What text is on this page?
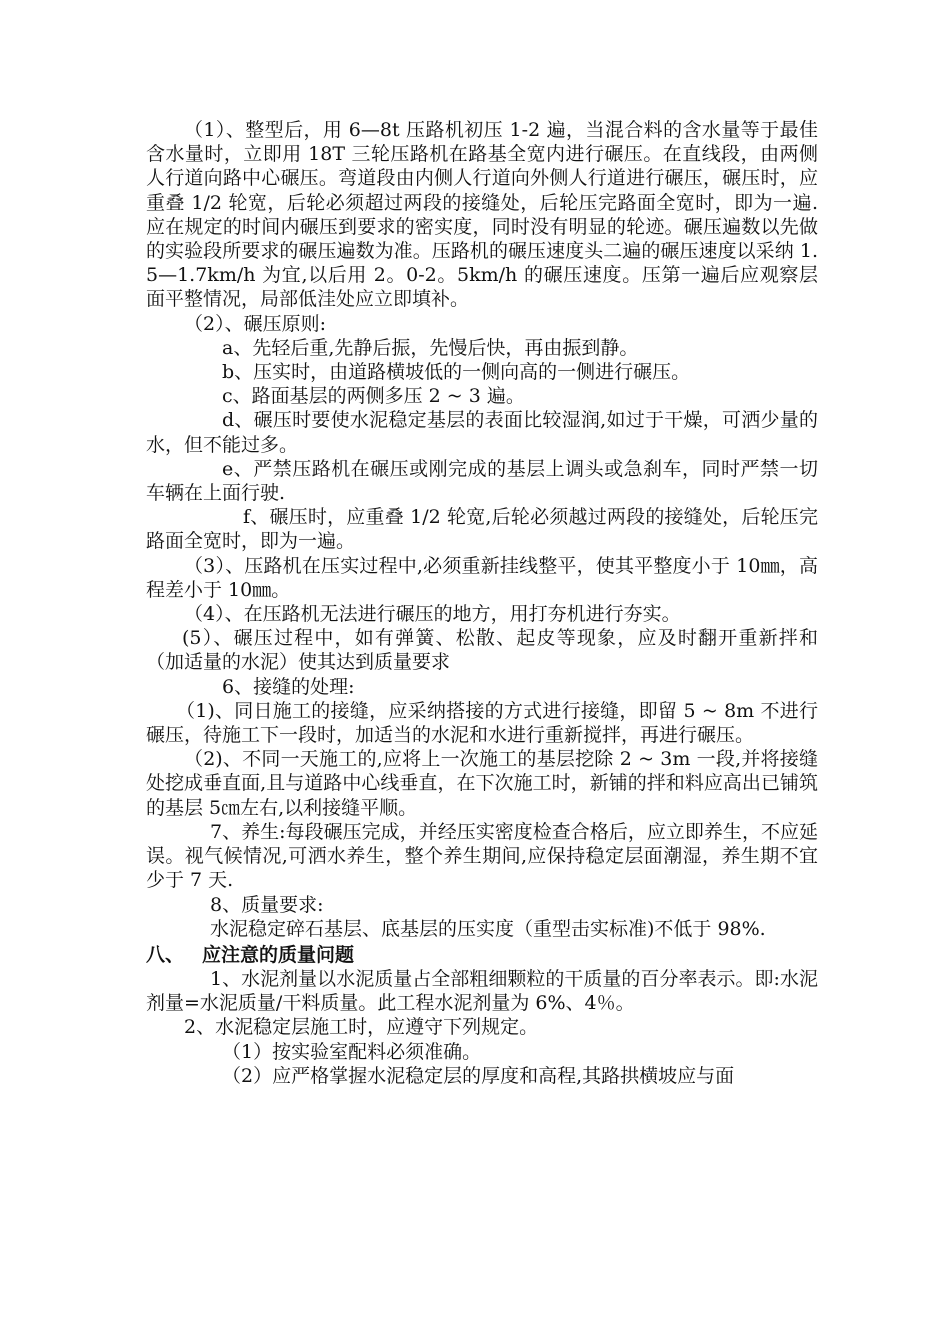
（1）、整型后，用 6—8t 压路机初压 1-2 遍，当混合料的含水量等于最佳含水量时，立即用 18T 三轮压路机在路基全宽内进行碾压。在直线段，由两侧人行道向路中心碾压。弯道段由内侧人行道向外侧人行道进行碾压，碾压时，应重叠 1/2 轮宽，后轮必须超过两段的接缝处，后轮压完路面全宽时，即为一遍.应在规定的时间内碾压到要求的密实度，同时没有明显的轮迹。碾压遍数以先做的实验段所要求的碾压遍数为准。压路机的碾压速度头二遍的碾压速度以采纳 1.5—1.7km/h 为宜,以后用 2。0-2。5km/h 的碾压速度。压第一遍后应观察层面平整情况，局部低洼处应立即填补。

（2）、碾压原则:

a、先轻后重,先静后振，先慢后快，再由振到静。

b、压实时，由道路横坡低的一侧向高的一侧进行碾压。

c、路面基层的两侧多压 2 ~ 3 遍。

d、碾压时要使水泥稳定基层的表面比较湿润,如过于干燥，可洒少量的水，但不能过多。

e、严禁压路机在碾压或刚完成的基层上调头或急刹车，同时严禁一切车辆在上面行驶.

f、碾压时，应重叠 1/2 轮宽,后轮必须越过两段的接缝处，后轮压完路面全宽时，即为一遍。

（3）、压路机在压实过程中,必须重新挂线整平，使其平整度小于 10㎜，高程差小于 10㎜。

（4）、在压路机无法进行碾压的地方，用打夯机进行夯实。

(5）、碾压过程中，如有弹簧、松散、起皮等现象，应及时翻开重新拌和（加适量的水泥）使其达到质量要求

6、接缝的处理:

（1)、同日施工的接缝，应采纳搭接的方式进行接缝，即留 5 ~ 8m 不进行碾压，待施工下一段时，加适当的水泥和水进行重新搅拌，再进行碾压。

（2)、不同一天施工的,应将上一次施工的基层挖除 2 ~ 3m 一段,并将接缝处挖成垂直面,且与道路中心线垂直，在下次施工时，新铺的拌和料应高出已铺筑的基层 5㎝左右,以利接缝平顺。

7、养生:每段碾压完成，并经压实密度检查合格后，应立即养生，不应延误。视气候情况,可洒水养生，整个养生期间,应保持稳定层面潮湿，养生期不宜少于 7 天.

8、质量要求:

水泥稳定碎石基层、底基层的压实度（重型击实标准)不低于 98%.

八、 应注意的质量问题

1、水泥剂量以水泥质量占全部粗细颗粒的干质量的百分率表示。即:水泥剂量=水泥质量/干料质量。此工程水泥剂量为 6%、4％。

2、水泥稳定层施工时，应遵守下列规定。

（1）按实验室配料必须准确。

（2）应严格掌握水泥稳定层的厚度和高程,其路拱横坡应与面
